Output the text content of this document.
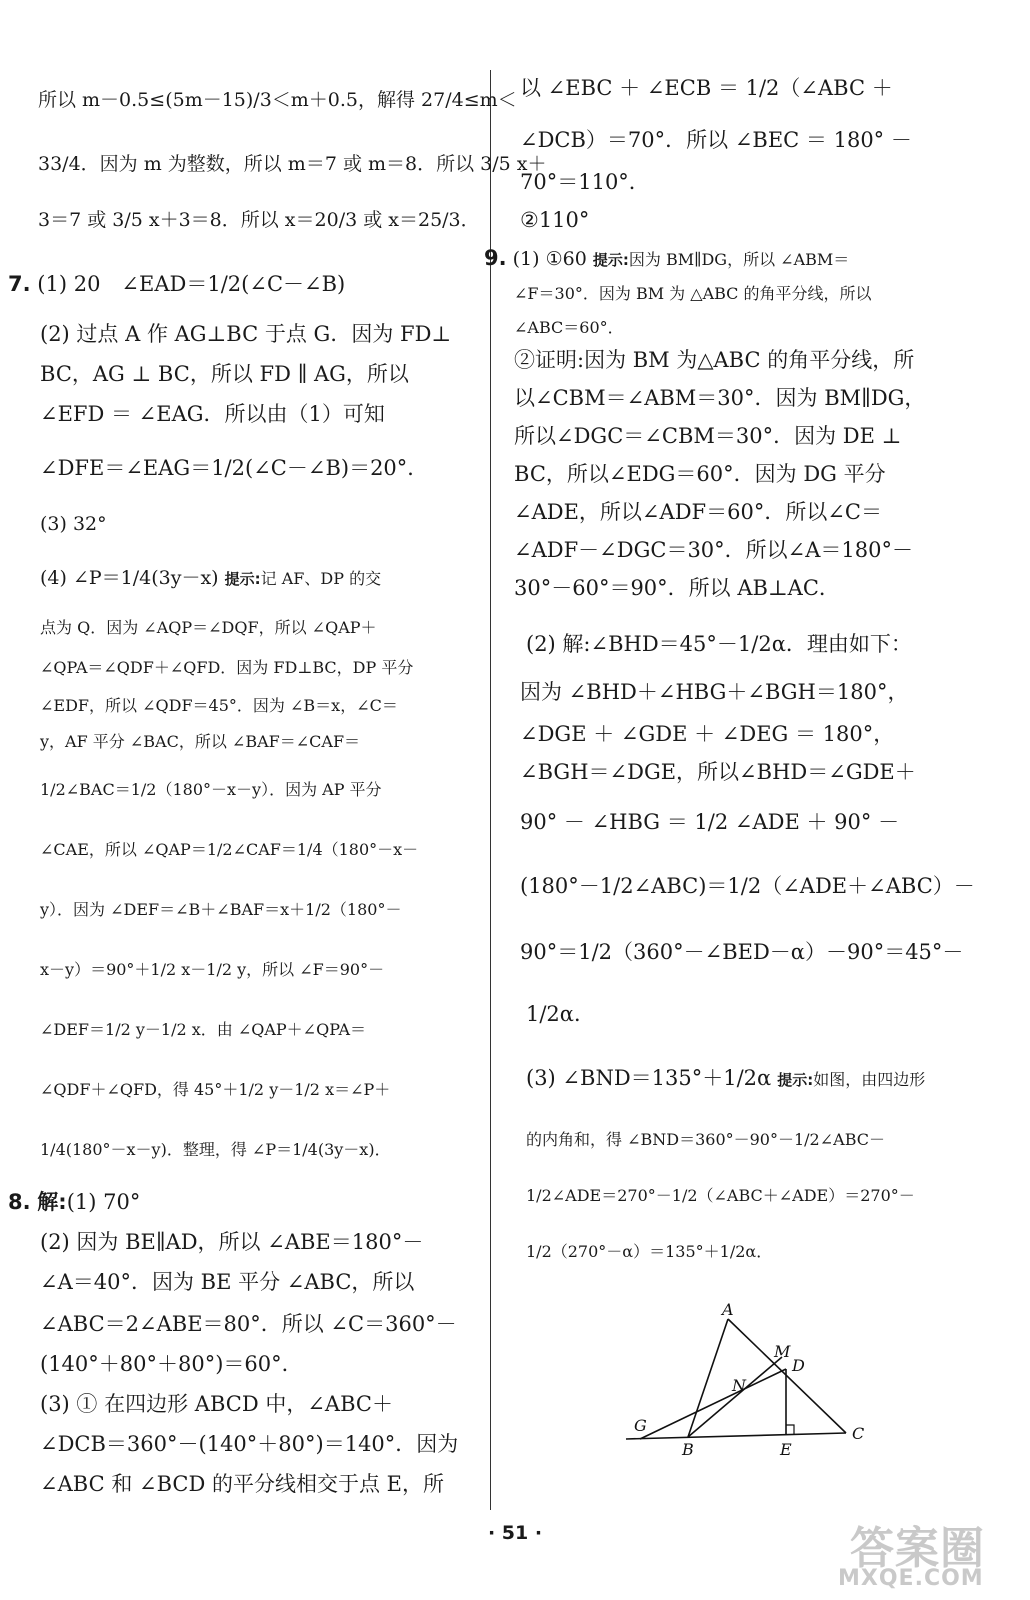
所以 m－0.5≤(5m－15)/3＜m＋0.5，解得 27/4≤m＜
33/4．因为 m 为整数，所以 m＝7 或 m＝8．所以 3/5 x＋
3＝7 或 3/5 x＋3＝8．所以 x＝20/3 或 x＝25/3．
7. (1) 20　∠EAD＝1/2(∠C－∠B)
(2) 过点 A 作 AG⊥BC 于点 G．因为 FD⊥
BC，AG ⊥ BC，所以 FD ∥ AG，所以
∠EFD ＝ ∠EAG．所以由（1）可知
∠DFE＝∠EAG＝1/2(∠C－∠B)＝20°．
(3) 32°
(4) ∠P＝1/4(3y－x) 提示:记 AF、DP 的交
点为 Q．因为 ∠AQP＝∠DQF，所以 ∠QAP＋
∠QPA＝∠QDF＋∠QFD．因为 FD⊥BC，DP 平分
∠EDF，所以 ∠QDF＝45°．因为 ∠B＝x，∠C＝
y，AF 平分 ∠BAC，所以 ∠BAF＝∠CAF＝
1/2∠BAC＝1/2（180°－x－y）．因为 AP 平分
∠CAE，所以 ∠QAP＝1/2∠CAF＝1/4（180°－x－
y）．因为 ∠DEF＝∠B＋∠BAF＝x＋1/2（180°－
x－y）＝90°＋1/2 x－1/2 y，所以 ∠F＝90°－
∠DEF＝1/2 y－1/2 x．由 ∠QAP＋∠QPA＝
∠QDF＋∠QFD，得 45°＋1/2 y－1/2 x＝∠P＋
1/4(180°－x－y)．整理，得 ∠P＝1/4(3y－x)．
8. 解:(1) 70°
(2) 因为 BE∥AD，所以 ∠ABE＝180°－
∠A＝40°．因为 BE 平分 ∠ABC，所以
∠ABC＝2∠ABE＝80°．所以 ∠C＝360°－
(140°＋80°＋80°)＝60°．
(3) ① 在四边形 ABCD 中，∠ABC＋
∠DCB＝360°－(140°＋80°)＝140°．因为
∠ABC 和 ∠BCD 的平分线相交于点 E，所
以 ∠EBC ＋ ∠ECB ＝ 1/2（∠ABC ＋
∠DCB）＝70°．所以 ∠BEC ＝ 180° －
70°＝110°．
②110°
9. (1) ①60 提示:因为 BM∥DG，所以 ∠ABM＝
∠F＝30°．因为 BM 为 △ABC 的角平分线，所以
∠ABC＝60°．
②证明:因为 BM 为△ABC 的角平分线，所
以∠CBM＝∠ABM＝30°．因为 BM∥DG，
所以∠DGC＝∠CBM＝30°．因为 DE ⊥
BC，所以∠EDG＝60°．因为 DG 平分
∠ADE，所以∠ADF＝60°．所以∠C＝
∠ADF－∠DGC＝30°．所以∠A＝180°－
30°－60°＝90°．所以 AB⊥AC．
(2) 解:∠BHD＝45°－1/2α．理由如下：
因为 ∠BHD＋∠HBG＋∠BGH＝180°，
∠DGE ＋ ∠GDE ＋ ∠DEG ＝ 180°，
∠BGH＝∠DGE，所以∠BHD＝∠GDE＋
90° － ∠HBG ＝ 1/2 ∠ADE ＋ 90° －
(180°－1/2∠ABC)＝1/2（∠ADE＋∠ABC）－
90°＝1/2（360°－∠BED－α）－90°＝45°－
1/2α．
(3) ∠BND＝135°＋1/2α 提示:如图，由四边形
的内角和，得 ∠BND＝360°－90°－1/2∠ABC－
1/2∠ADE＝270°－1/2（∠ABC＋∠ADE）＝270°－
1/2（270°－α）＝135°＋1/2α．
A
M
D
N
G
B	E
C
· 51 ·	答案圈
MXQE.COM
